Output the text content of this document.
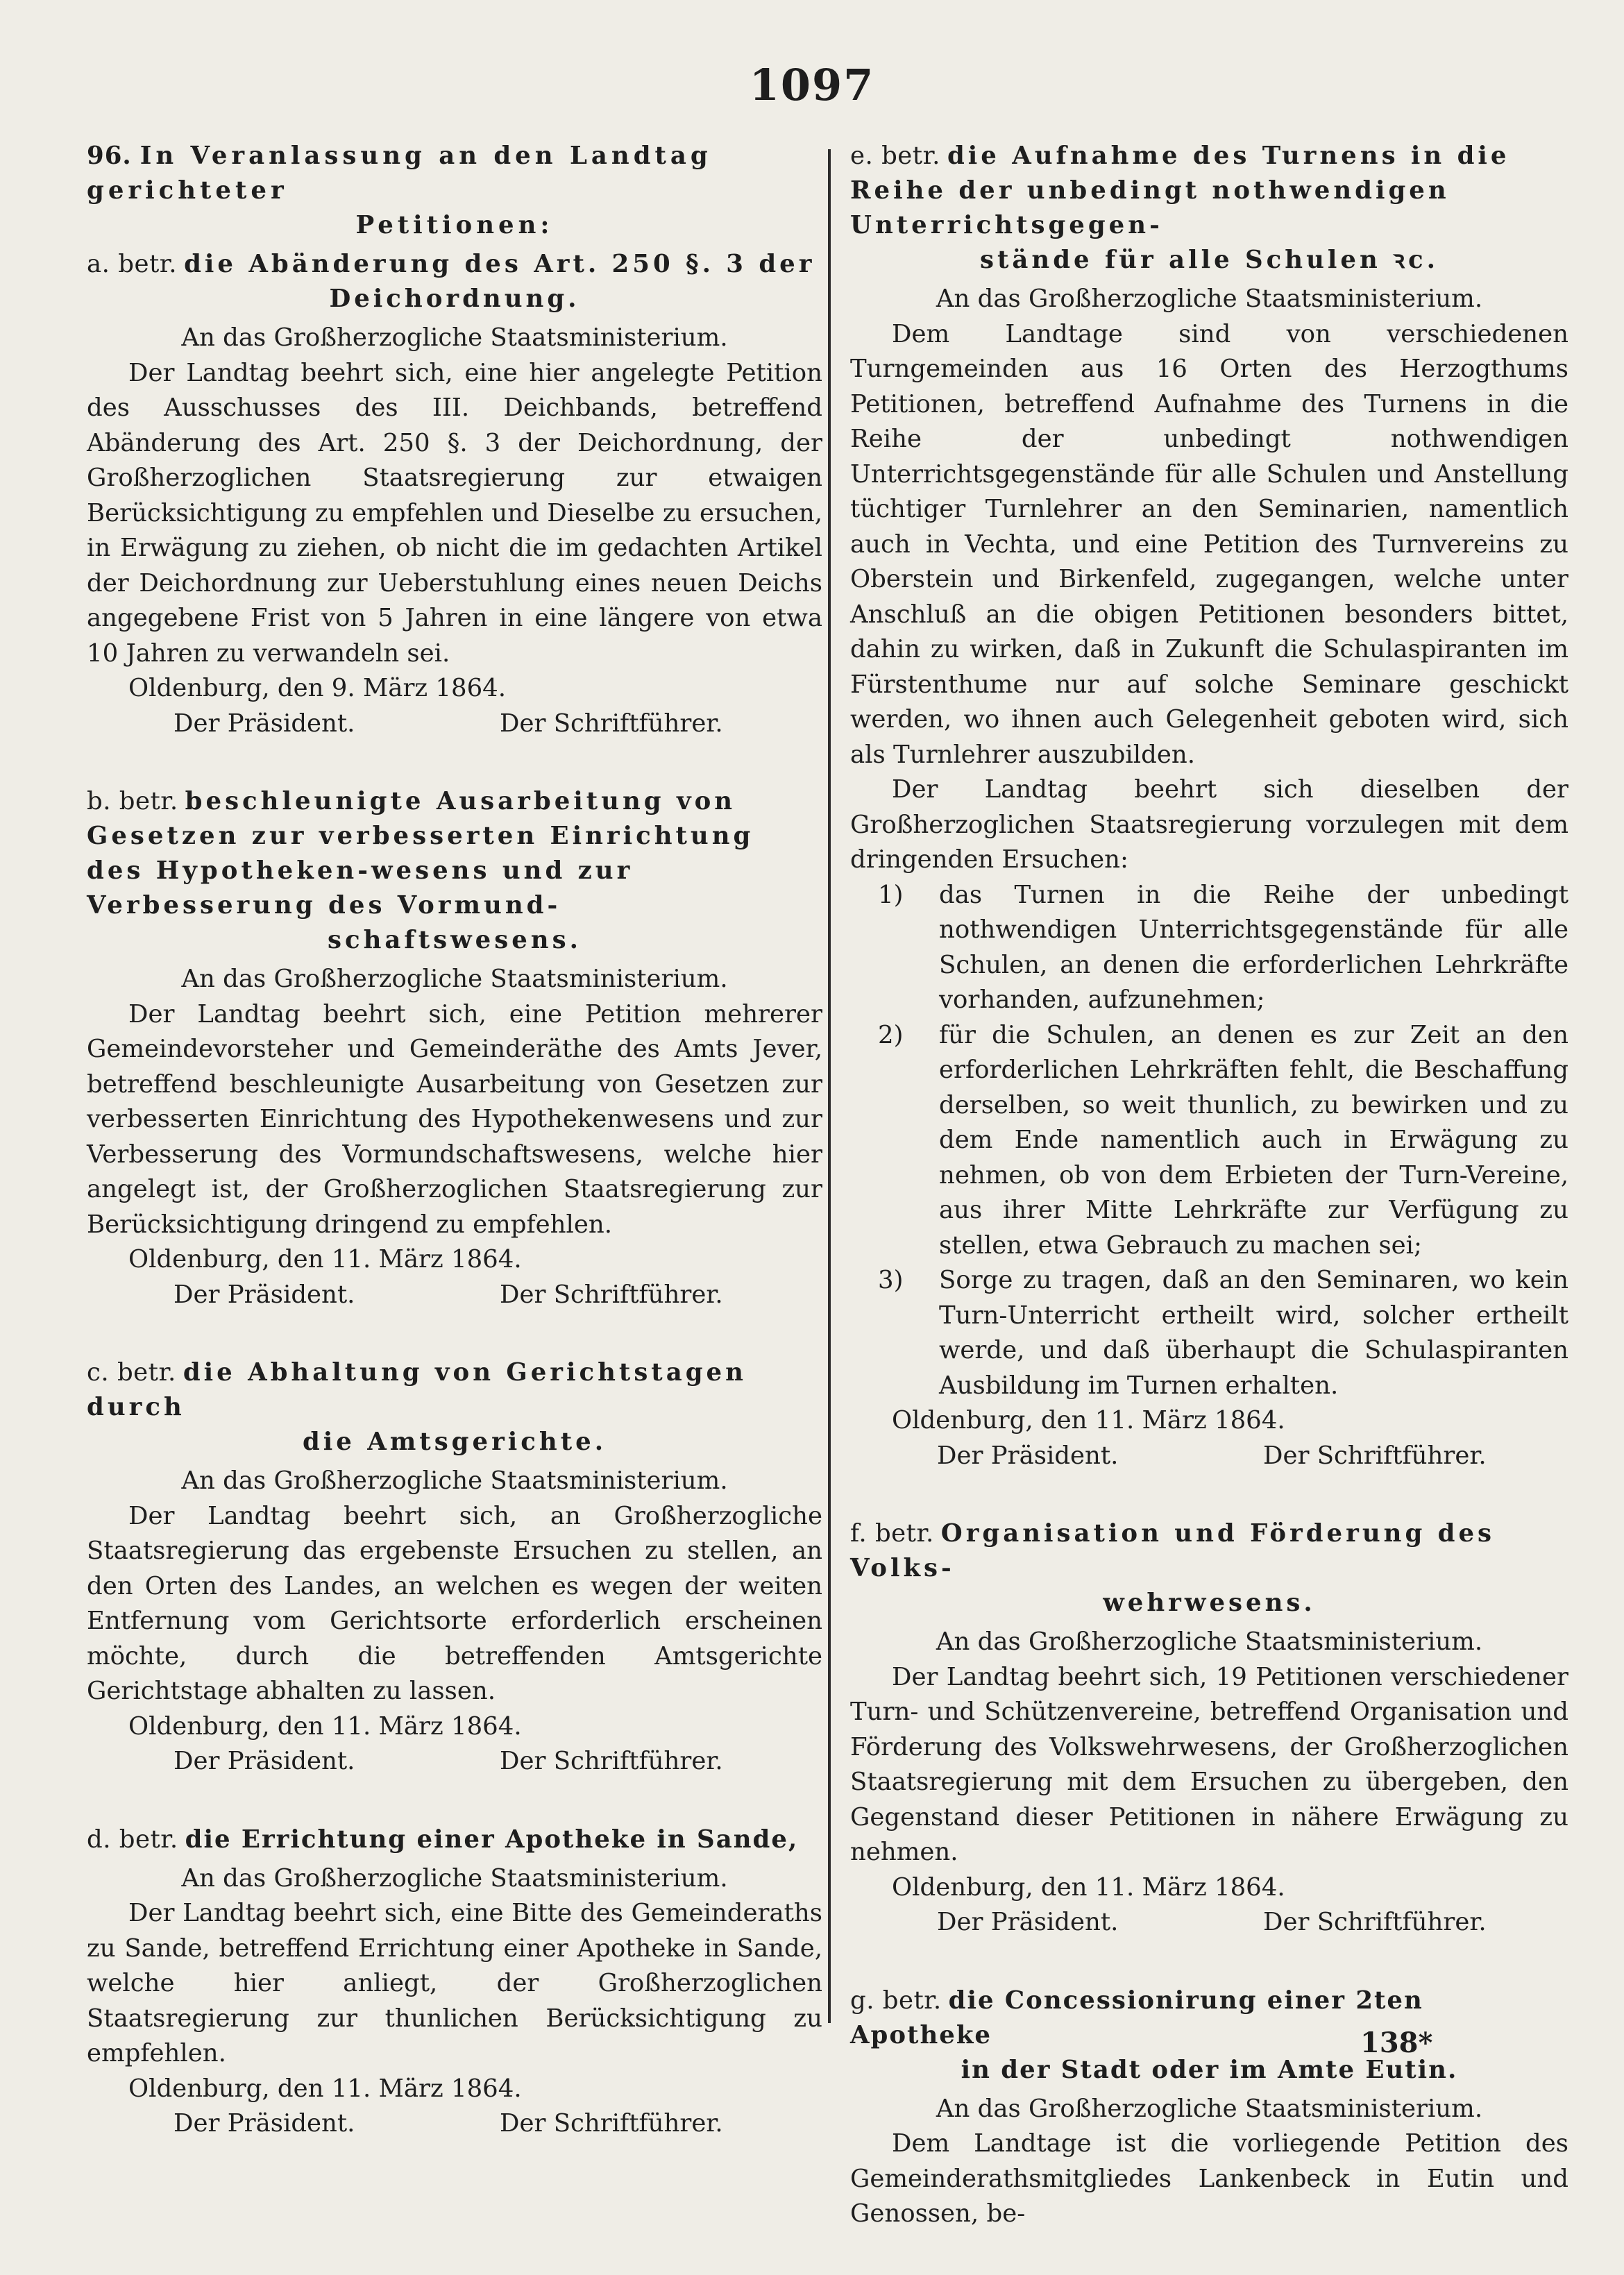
1097

96. In Veranlassung an den Landtag gerichteter
Petitionen:

a. betr. die Abänderung des Art. 250 §. 3 der
Deichordnung.

An das Großherzogliche Staatsministerium.

Der Landtag beehrt sich, eine hier angelegte Petition des Ausschusses des III. Deichbands, betreffend Abänderung des Art. 250 §. 3 der Deichordnung, der Großherzoglichen Staatsregierung zur etwaigen Berücksichtigung zu empfehlen und Dieselbe zu ersuchen, in Erwägung zu ziehen, ob nicht die im gedachten Artikel der Deichordnung zur Ueberstuhlung eines neuen Deichs angegebene Frist von 5 Jahren in eine längere von etwa 10 Jahren zu verwandeln sei.

Oldenburg, den 9. März 1864.

Der Präsident.	Der Schriftführer.

b. betr. beschleunigte Ausarbeitung von Gesetzen zur verbesserten Einrichtung des Hypotheken-wesens und zur Verbesserung des Vormund-
schaftswesens.

An das Großherzogliche Staatsministerium.

Der Landtag beehrt sich, eine Petition mehrerer Gemeindevorsteher und Gemeinderäthe des Amts Jever, betreffend beschleunigte Ausarbeitung von Gesetzen zur verbesserten Einrichtung des Hypothekenwesens und zur Verbesserung des Vormundschaftswesens, welche hier angelegt ist, der Großherzoglichen Staatsregierung zur Berücksichtigung dringend zu empfehlen.

Oldenburg, den 11. März 1864.

Der Präsident.	Der Schriftführer.

c. betr. die Abhaltung von Gerichtstagen durch
die Amtsgerichte.

An das Großherzogliche Staatsministerium.

Der Landtag beehrt sich, an Großherzogliche Staatsregierung das ergebenste Ersuchen zu stellen, an den Orten des Landes, an welchen es wegen der weiten Entfernung vom Gerichtsorte erforderlich erscheinen möchte, durch die betreffenden Amtsgerichte Gerichtstage abhalten zu lassen.

Oldenburg, den 11. März 1864.

Der Präsident.	Der Schriftführer.

d. betr. die Errichtung einer Apotheke in Sande,

An das Großherzogliche Staatsministerium.

Der Landtag beehrt sich, eine Bitte des Gemeinderaths zu Sande, betreffend Errichtung einer Apotheke in Sande, welche hier anliegt, der Großherzoglichen Staatsregierung zur thunlichen Berücksichtigung zu empfehlen.

Oldenburg, den 11. März 1864.

Der Präsident.	Der Schriftführer.

e. betr. die Aufnahme des Turnens in die Reihe der unbedingt nothwendigen Unterrichtsgegen-
stände für alle Schulen ꝛc.

An das Großherzogliche Staatsministerium.

Dem Landtage sind von verschiedenen Turngemeinden aus 16 Orten des Herzogthums Petitionen, betreffend Aufnahme des Turnens in die Reihe der unbedingt nothwendigen Unterrichtsgegenstände für alle Schulen und Anstellung tüchtiger Turnlehrer an den Seminarien, namentlich auch in Vechta, und eine Petition des Turnvereins zu Oberstein und Birkenfeld, zugegangen, welche unter Anschluß an die obigen Petitionen besonders bittet, dahin zu wirken, daß in Zukunft die Schulaspiranten im Fürstenthume nur auf solche Seminare geschickt werden, wo ihnen auch Gelegenheit geboten wird, sich als Turnlehrer auszubilden.

Der Landtag beehrt sich dieselben der Großherzoglichen Staatsregierung vorzulegen mit dem dringenden Ersuchen:

1)	das Turnen in die Reihe der unbedingt nothwendigen Unterrichtsgegenstände für alle Schulen, an denen die erforderlichen Lehrkräfte vorhanden, aufzunehmen;
2)	für die Schulen, an denen es zur Zeit an den erforderlichen Lehrkräften fehlt, die Beschaffung derselben, so weit thunlich, zu bewirken und zu dem Ende namentlich auch in Erwägung zu nehmen, ob von dem Erbieten der Turn-Vereine, aus ihrer Mitte Lehrkräfte zur Verfügung zu stellen, etwa Gebrauch zu machen sei;
3)	Sorge zu tragen, daß an den Seminaren, wo kein Turn-Unterricht ertheilt wird, solcher ertheilt werde, und daß überhaupt die Schulaspiranten Ausbildung im Turnen erhalten.

Oldenburg, den 11. März 1864.

Der Präsident.	Der Schriftführer.

f. betr. Organisation und Förderung des Volks-
wehrwesens.

An das Großherzogliche Staatsministerium.

Der Landtag beehrt sich, 19 Petitionen verschiedener Turn- und Schützenvereine, betreffend Organisation und Förderung des Volkswehrwesens, der Großherzoglichen Staatsregierung mit dem Ersuchen zu übergeben, den Gegenstand dieser Petitionen in nähere Erwägung zu nehmen.

Oldenburg, den 11. März 1864.

Der Präsident.	Der Schriftführer.

g. betr. die Concessionirung einer 2ten Apotheke
in der Stadt oder im Amte Eutin.

An das Großherzogliche Staatsministerium.

Dem Landtage ist die vorliegende Petition des Gemeinderathsmitgliedes Lankenbeck in Eutin und Genossen, be-

138*
